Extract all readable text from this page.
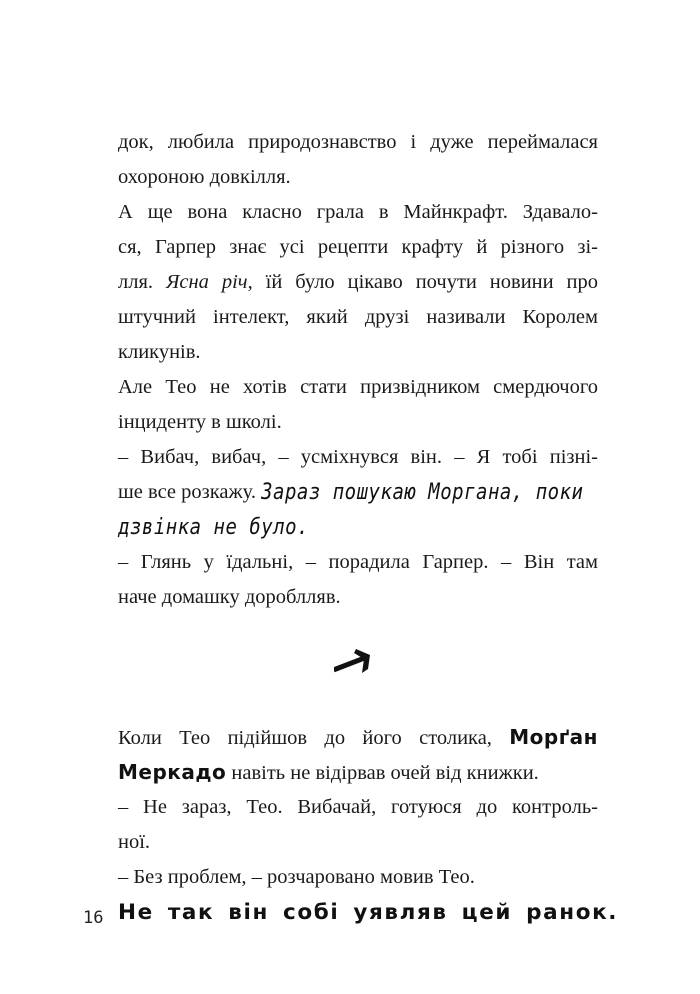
док, любила природознавство і дуже переймалася
охороною довкілля.
А ще вона класно грала в Майнкрафт. Здавало-
ся, Гарпер знає усі рецепти крафту й різного зі-
лля. Ясна річ, їй було цікаво почути новини про
штучний інтелект, який друзі називали Королем
кликунів.
Але Тео не хотів стати призвідником смердючого
інциденту в школі.
– Вибач, вибач, – усміхнувся він. – Я тобі пізні-
ше все розкажу. Зараз пошукаю Моргана, поки
дзвінка не було.
– Глянь у їдальні, – порадила Гарпер. – Він там
наче домашку дороблляв.
Коли Тео підійшов до його столика, Морґан
Меркадо навіть не відірвав очей від книжки.
– Не зараз, Тео. Вибачай, готуюся до контроль-
ної.
– Без проблем, – розчаровано мовив Тео.
Не так він собі уявляв цей ранок.
16
